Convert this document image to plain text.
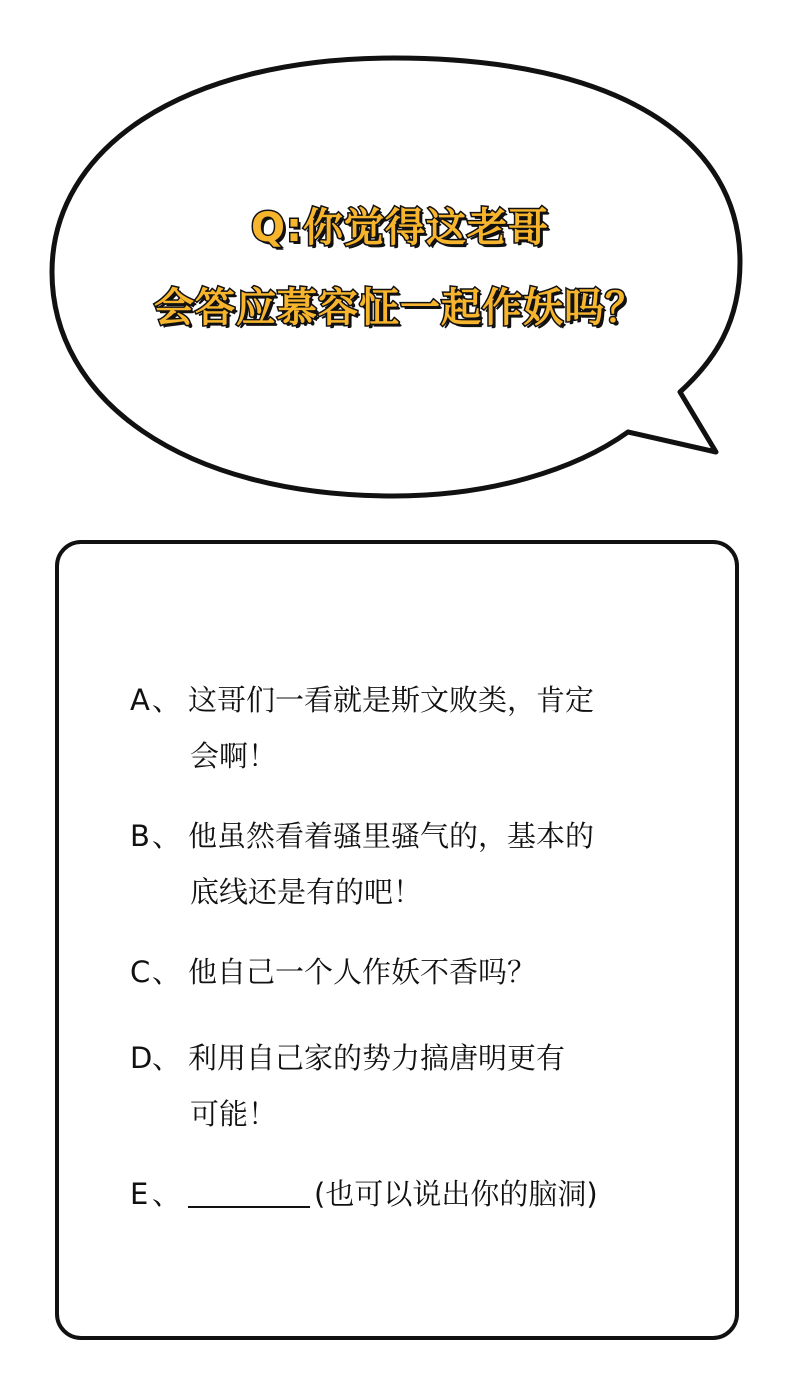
Q:你觉得这老哥
会答应慕容怔一起作妖吗？
A、 这哥们一看就是斯文败类，肯定
会啊！
B、 他虽然看着骚里骚气的，基本的
底线还是有的吧！
C、 他自己一个人作妖不香吗？
D、 利用自己家的势力搞唐明更有
可能！
E 、	(也可以说出你的脑洞)
